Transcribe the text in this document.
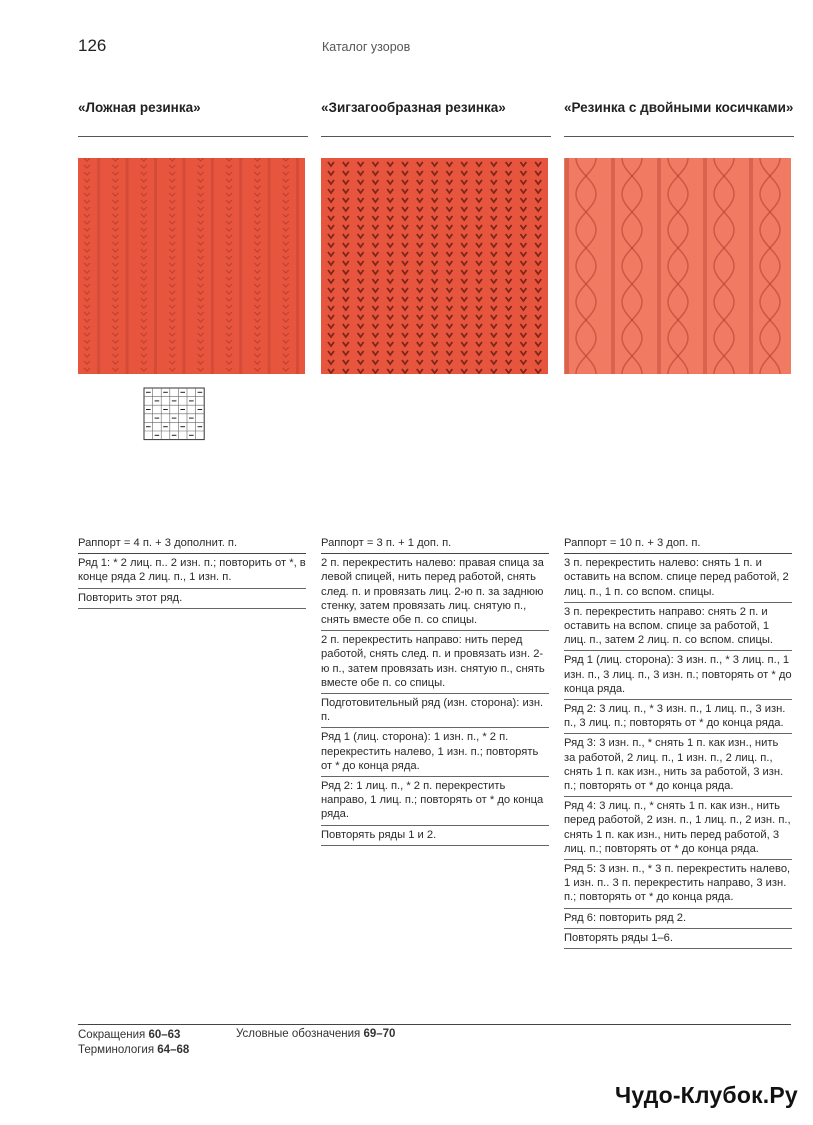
126	Каталог узоров
«Ложная резинка»
Раппорт = 4 п. + 3 дополнит. п.
Ряд 1: * 2 лиц. п.. 2 изн. п.; повторить от *, в конце ряда 2 лиц. п., 1 изн. п.
Повторить этот ряд.
«Зигзагообразная резинка»
Раппорт = 3 п. + 1 доп. п.
2 п. перекрестить налево: правая спица за левой спицей, нить перед работой, снять след. п. и провязать лиц. 2-ю п. за заднюю стенку, затем провязать лиц. снятую п., снять вместе обе п. со спицы.
2 п. перекрестить направо: нить перед работой, снять след. п. и провязать изн. 2-ю п., затем провязать изн. снятую п., снять вместе обе п. со спицы.
Подготовительный ряд (изн. сторона): изн. п.
Ряд 1 (лиц. сторона): 1 изн. п., * 2 п. перекрестить налево, 1 изн. п.; повторять от * до конца ряда.
Ряд 2: 1 лиц. п., * 2 п. перекрестить направо, 1 лиц. п.; повторять от * до конца ряда.
Повторять ряды 1 и 2.
«Резинка с двойными косичками»
Раппорт = 10 п. + 3 доп. п.
3 п. перекрестить налево: снять 1 п. и оставить на вспом. спице перед работой, 2 лиц. п., 1 п. со вспом. спицы.
3 п. перекрестить направо: снять 2 п. и оставить на вспом. спице за работой, 1 лиц. п., затем 2 лиц. п. со вспом. спицы.
Ряд 1 (лиц. сторона): 3 изн. п., * 3 лиц. п., 1 изн. п., 3 лиц. п., 3 изн. п.; повторять от * до конца ряда.
Ряд 2: 3 лиц. п., * 3 изн. п., 1 лиц. п., 3 изн. п., 3 лиц. п.; повторять от * до конца ряда.
Ряд 3: 3 изн. п., * снять 1 п. как изн., нить за работой, 2 лиц. п., 1 изн. п., 2 лиц. п., снять 1 п. как изн., нить за работой, 3 изн. п.; повторять от * до конца ряда.
Ряд 4: 3 лиц. п., * снять 1 п. как изн., нить перед работой, 2 изн. п., 1 лиц. п., 2 изн. п., снять 1 п. как изн., нить перед работой, 3 лиц. п.; повторять от * до конца ряда.
Ряд 5: 3 изн. п., * 3 п. перекрестить налево, 1 изн. п.. 3 п. перекрестить направо, 3 изн. п.; повторять от * до конца ряда.
Ряд 6: повторить ряд 2.
Повторять ряды 1–6.
Сокращения 60–63
Терминология 64–68
Условные обозначения 69–70
Чудо-Клубок.Ру
